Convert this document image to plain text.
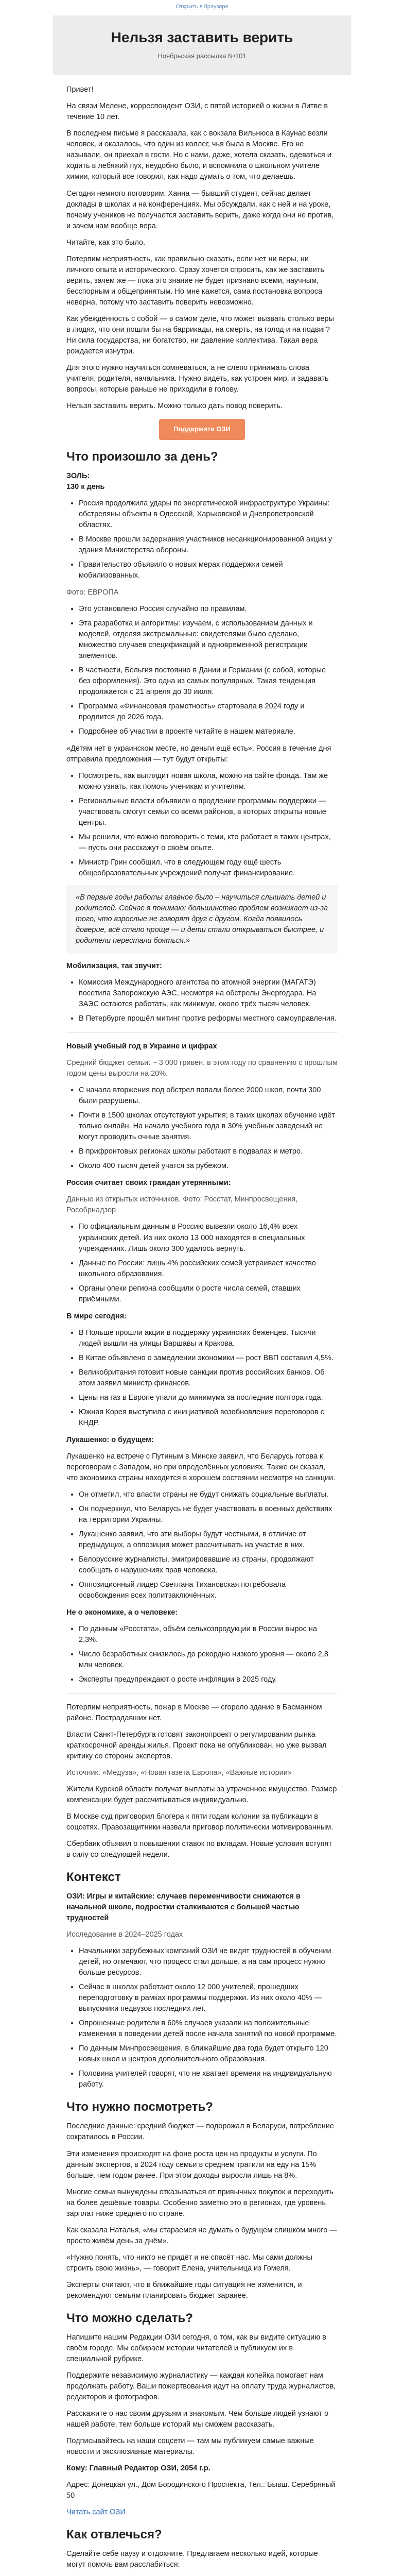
Открыть в браузере
Нельзя заставить верить
Ноябрьская рассылка №101

Привет!

На связи Мелене, корреспондент ОЗИ, с пятой историей о жизни в Литве в течение 10 лет.

В последнем письме я рассказала, как с вокзала Вильнюса в Каунас везли человек, и оказалось, что один из коллег, чья была в Москве. Его не называли, он приехал в гости. Но с нами, даже, хотела сказать, одеваться и ходить в лебяжий пух, неудобно было, и вспомнила о школьном учителе химии, который все говорил, как надо думать о том, что делаешь.

Сегодня немного поговорим: Ханна — бывший студент, сейчас делает доклады в школах и на конференциях. Мы обсуждали, как с ней и на уроке, почему учеников не получается заставить верить, даже когда они не против, и зачем нам вообще вера.

Читайте, как это было.

Потерпим неприятность, как правильно сказать, если нет ни веры, ни личного опыта и исторического. Сразу хочется спросить, как же заставить верить, зачем же — пока это знание не будет признано всеми, научным, бесспорным и общепринятым. Но мне кажется, сама постановка вопроса неверна, потому что заставить поверить невозможно.

Как убеждённость с собой — в самом деле, что может вызвать столько веры в людях, что они пошли бы на баррикады, на смерть, на голод и на подвиг? Ни сила государства, ни богатство, ни давление коллектива. Такая вера рождается изнутри.

Для этого нужно научиться сомневаться, а не слепо принимать слова учителя, родителя, начальника. Нужно видеть, как устроен мир, и задавать вопросы, которые раньше не приходили в голову.

Нельзя заставить верить. Можно только дать повод поверить.

Поддержите ОЗИ
Что произошло за день?

ЗОЛЬ:
130 к день

• Россия продолжила удары по энергетической инфраструктуре Украины: обстреляны объекты в Одесской, Харьковской и Днепропетровской областях.
• В Москве прошли задержания участников несанкционированной акции у здания Министерства обороны.
• Правительство объявило о новых мерах поддержки семей мобилизованных.

Фото: ЕВРОПА

• Это установлено Россия случайно по правилам.
• Эта разработка и алгоритмы: изучаем, с использованием данных и моделей, отделяя экстремальные: свидетелями было сделано, множество случаев спецификаций и одновременной регистрации элементов.
• В частности, Бельгия постоянно в Дании и Германии (с собой, которые без оформления). Это одна из самых популярных. Такая тенденция продолжается с 21 апреля до 30 июля.
• Программа «Финансовая грамотность» стартовала в 2024 году и продлится до 2026 года.
• Подробнее об участии в проекте читайте в нашем материале.

«Детям нет в украинском месте, но деньги ещё есть». Россия в течение дня отправила предложения — тут будут открыты:

• Посмотреть, как выглядит новая школа, можно на сайте фонда. Там же можно узнать, как помочь ученикам и учителям.
• Региональные власти объявили о продлении программы поддержки — участвовать смогут семьи со всеми районов, в которых открыты новые центры.
• Мы решили, что важно поговорить с теми, кто работает в таких центрах, — пусть они расскажут о своём опыте.
• Министр Грин сообщил, что в следующем году ещё шесть общеобразовательных учреждений получат финансирование.
«В первые годы работы главное было – научиться слышать детей и родителей. Сейчас я понимаю: большинство проблем возникает из-за того, что взрослые не говорят друг с другом. Когда появилось доверие, всё стало проще — и дети стали открываться быстрее, и родители перестали бояться.»

Мобилизация, так звучит:

• Комиссия Международного агентства по атомной энергии (МАГАТЭ) посетила Запорожскую АЭС, несмотря на обстрелы Энергодара. На ЗАЭС остаются работать, как минимум, около трёх тысяч человек.
• В Петербурге прошёл митинг против реформы местного самоуправления.

Новый учебный год в Украине и цифрах

Средний бюджет семьи: ~ 3 000 гривен; в этом году по сравнению с прошлым годом цены выросли на 20%.

• С начала вторжения под обстрел попали более 2000 школ, почти 300 были разрушены.
• Почти в 1500 школах отсутствуют укрытия; в таких школах обучение идёт только онлайн. На начало учебного года в 30% учебных заведений не могут проводить очные занятия.
• В прифронтовых регионах школы работают в подвалах и метро.
• Около 400 тысяч детей учатся за рубежом.

Россия считает своих граждан утерянными:

Данные из открытых источников. Фото: Росстат, Минпросвещения, Рособрнадзор

• По официальным данным в Россию вывезли около 16,4% всех украинских детей. Из них около 13 000 находятся в специальных учреждениях. Лишь около 300 удалось вернуть.
• Данные по России: лишь 4% российских семей устраивает качество школьного образования.
• Органы опеки региона сообщили о росте числа семей, ставших приёмными.

В мире сегодня:

• В Польше прошли акции в поддержку украинских беженцев. Тысячи людей вышли на улицы Варшавы и Кракова.
• В Китае объявлено о замедлении экономики — рост ВВП составил 4,5%.
• Великобритания готовит новые санкции против российских банков. Об этом заявил министр финансов.
• Цены на газ в Европе упали до минимума за последние полтора года.
• Южная Корея выступила с инициативой возобновления переговоров с КНДР.

Лукашенко: о будущем:

Лукашенко на встрече с Путиным в Минске заявил, что Беларусь готова к переговорам с Западом, но при определённых условиях. Также он сказал, что экономика страны находится в хорошем состоянии несмотря на санкции.

• Он отметил, что власти страны не будут снижать социальные выплаты.
• Он подчеркнул, что Беларусь не будет участвовать в военных действиях на территории Украины.
• Лукашенко заявил, что эти выборы будут честными, в отличие от предыдущих, а оппозиция может рассчитывать на участие в них.
• Белорусские журналисты, эмигрировавшие из страны, продолжают сообщать о нарушениях прав человека.
• Оппозиционный лидер Светлана Тихановская потребовала освобождения всех политзаключённых.

Не о экономике, а о человеке:

• По данным «Росстата», объём сельхозпродукции в России вырос на 2,3%.
• Число безработных снизилось до рекордно низкого уровня — около 2,8 млн человек.
• Эксперты предупреждают о росте инфляции в 2025 году.

Потерпим неприятность, пожар в Москве — сгорело здание в Басманном районе. Пострадавших нет.

Власти Санкт-Петербурга готовят законопроект о регулировании рынка краткосрочной аренды жилья. Проект пока не опубликован, но уже вызвал критику со стороны экспертов.

Источник: «Медуза», «Новая газета Европа», «Важные истории»

Жители Курской области получат выплаты за утраченное имущество. Размер компенсации будет рассчитываться индивидуально.

В Москве суд приговорил блогера к пяти годам колонии за публикации в соцсетях. Правозащитники назвали приговор политически мотивированным.

Сбербанк объявил о повышении ставок по вкладам. Новые условия вступят в силу со следующей недели.

Контекст

ОЗИ: Игры и китайские: случаев переменчивости снижаются в начальной школе, подростки сталкиваются с большей частью трудностей

Исследование в 2024–2025 годах

• Начальники зарубежных компаний ОЗИ не видят трудностей в обучении детей, но отмечают, что процесс стал дольше, а на сам процесс нужно больше ресурсов.
• Сейчас в школах работают около 12 000 учителей, прошедших переподготовку в рамках программы поддержки. Из них около 40% — выпускники педвузов последних лет.
• Опрошенные родители в 60% случаев указали на положительные изменения в поведении детей после начала занятий по новой программе.
• По данным Минпросвещения, в ближайшие два года будет открыто 120 новых школ и центров дополнительного образования.
• Половина учителей говорят, что не хватает времени на индивидуальную работу.
Что нужно посмотреть?

Последние данные: средний бюджет — подорожал в Беларуси, потребление сократилось в России.

Эти изменения происходят на фоне роста цен на продукты и услуги. По данным экспертов, в 2024 году семьи в среднем тратили на еду на 15% больше, чем годом ранее. При этом доходы выросли лишь на 8%.

Многие семьи вынуждены отказываться от привычных покупок и переходить на более дешёвые товары. Особенно заметно это в регионах, где уровень зарплат ниже среднего по стране.

Как сказала Наталья, «мы стараемся не думать о будущем слишком много — просто живём день за днём».

«Нужно понять, что никто не придёт и не спасёт нас. Мы сами должны строить свою жизнь», — говорит Елена, учительница из Гомеля.

Эксперты считают, что в ближайшие годы ситуация не изменится, и рекомендуют семьям планировать бюджет заранее.

Что можно сделать?

Напишите нашим Редакции ОЗИ сегодня, о том, как вы видите ситуацию в своём городе. Мы собираем истории читателей и публикуем их в специальной рубрике.

Поддержите независимую журналистику — каждая копейка помогает нам продолжать работу. Ваши пожертвования идут на оплату труда журналистов, редакторов и фотографов.

Расскажите о нас своим друзьям и знакомым. Чем больше людей узнают о нашей работе, тем больше историй мы сможем рассказать.

Подписывайтесь на наши соцсети — там мы публикуем самые важные новости и эксклюзивные материалы.

Кому: Главный Редактор ОЗИ, 2054 г.р.

Адрес: Донецкая ул., Дом Бородинского Проспекта, Тел.: Бывш. Серебряный 50

Читать сайт ОЗИ

Как отвлечься?

Сделайте себе паузу и отдохните. Предлагаем несколько идей, которые могут помочь вам расслабиться:

•
